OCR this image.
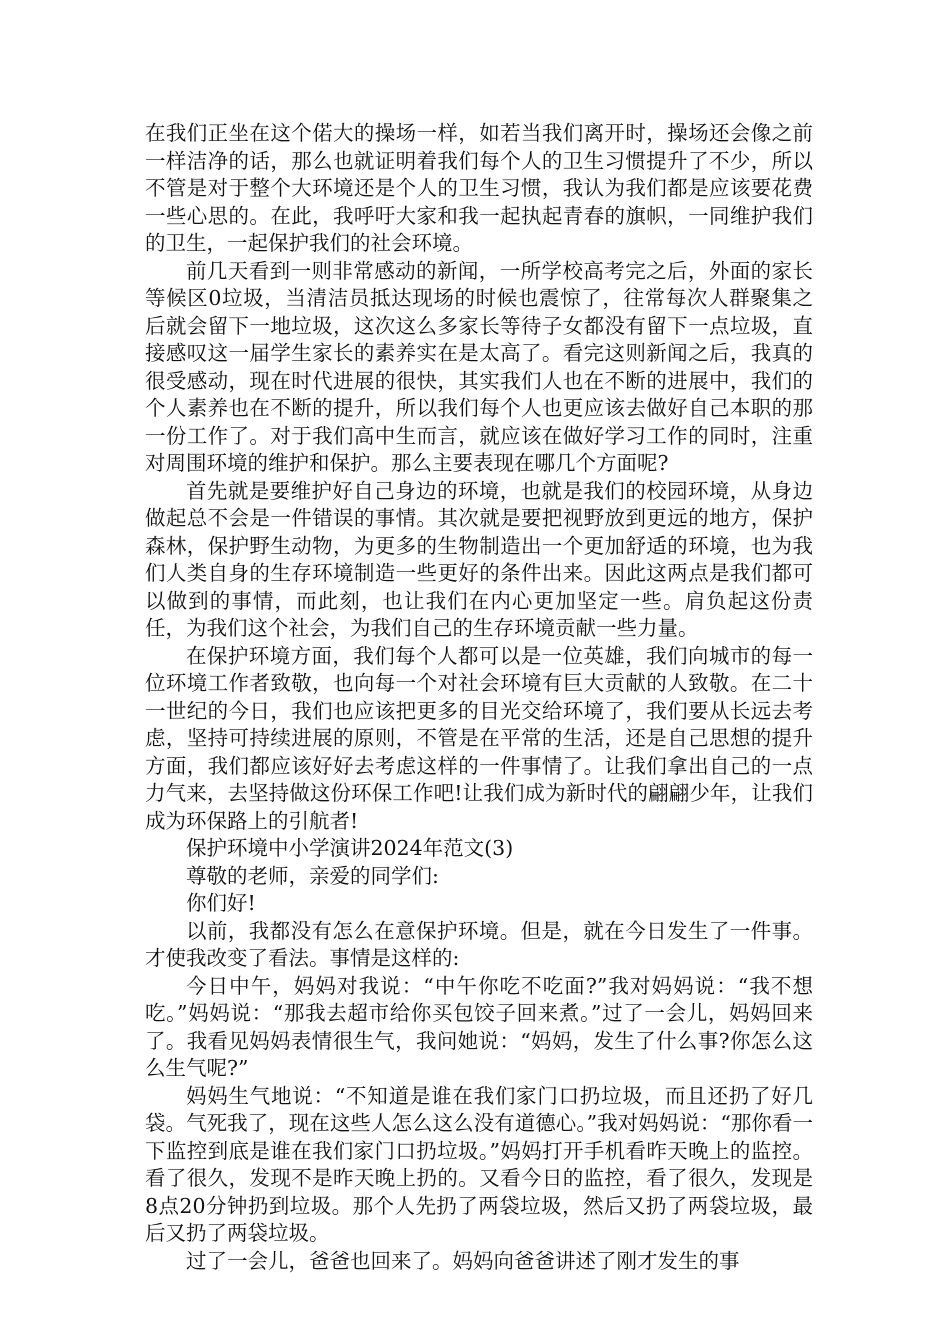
在我们正坐在这个偌大的操场一样，如若当我们离开时，操场还会像之前一样洁净的话，那么也就证明着我们每个人的卫生习惯提升了不少，所以不管是对于整个大环境还是个人的卫生习惯，我认为我们都是应该要花费一些心思的。在此，我呼吁大家和我一起执起青春的旗帜，一同维护我们的卫生，一起保护我们的社会环境。

前几天看到一则非常感动的新闻，一所学校高考完之后，外面的家长等候区0垃圾，当清洁员抵达现场的时候也震惊了，往常每次人群聚集之后就会留下一地垃圾，这次这么多家长等待子女都没有留下一点垃圾，直接感叹这一届学生家长的素养实在是太高了。看完这则新闻之后，我真的很受感动，现在时代进展的很快，其实我们人也在不断的进展中，我们的个人素养也在不断的提升，所以我们每个人也更应该去做好自己本职的那一份工作了。对于我们高中生而言，就应该在做好学习工作的同时，注重对周围环境的维护和保护。那么主要表现在哪几个方面呢?

首先就是要维护好自己身边的环境，也就是我们的校园环境，从身边做起总不会是一件错误的事情。其次就是要把视野放到更远的地方，保护森林，保护野生动物，为更多的生物制造出一个更加舒适的环境，也为我们人类自身的生存环境制造一些更好的条件出来。因此这两点是我们都可以做到的事情，而此刻，也让我们在内心更加坚定一些。肩负起这份责任，为我们这个社会，为我们自己的生存环境贡献一些力量。

在保护环境方面，我们每个人都可以是一位英雄，我们向城市的每一位环境工作者致敬，也向每一个对社会环境有巨大贡献的人致敬。在二十一世纪的今日，我们也应该把更多的目光交给环境了，我们要从长远去考虑，坚持可持续进展的原则，不管是在平常的生活，还是自己思想的提升方面，我们都应该好好去考虑这样的一件事情了。让我们拿出自己的一点力气来，去坚持做这份环保工作吧!让我们成为新时代的翩翩少年，让我们成为环保路上的引航者!

保护环境中小学演讲2024年范文(3)

尊敬的老师，亲爱的同学们:

你们好!

以前，我都没有怎么在意保护环境。但是，就在今日发生了一件事。才使我改变了看法。事情是这样的:

今日中午，妈妈对我说：“中午你吃不吃面?”我对妈妈说：“我不想吃。”妈妈说：“那我去超市给你买包饺子回来煮。”过了一会儿，妈妈回来了。我看见妈妈表情很生气，我问她说：“妈妈，发生了什么事?你怎么这么生气呢?”

妈妈生气地说：“不知道是谁在我们家门口扔垃圾，而且还扔了好几袋。气死我了，现在这些人怎么这么没有道德心。”我对妈妈说：“那你看一下监控到底是谁在我们家门口扔垃圾。”妈妈打开手机看昨天晚上的监控。看了很久，发现不是昨天晚上扔的。又看今日的监控，看了很久，发现是8点20分钟扔到垃圾。那个人先扔了两袋垃圾，然后又扔了两袋垃圾，最后又扔了两袋垃圾。

过了一会儿，爸爸也回来了。妈妈向爸爸讲述了刚才发生的事
